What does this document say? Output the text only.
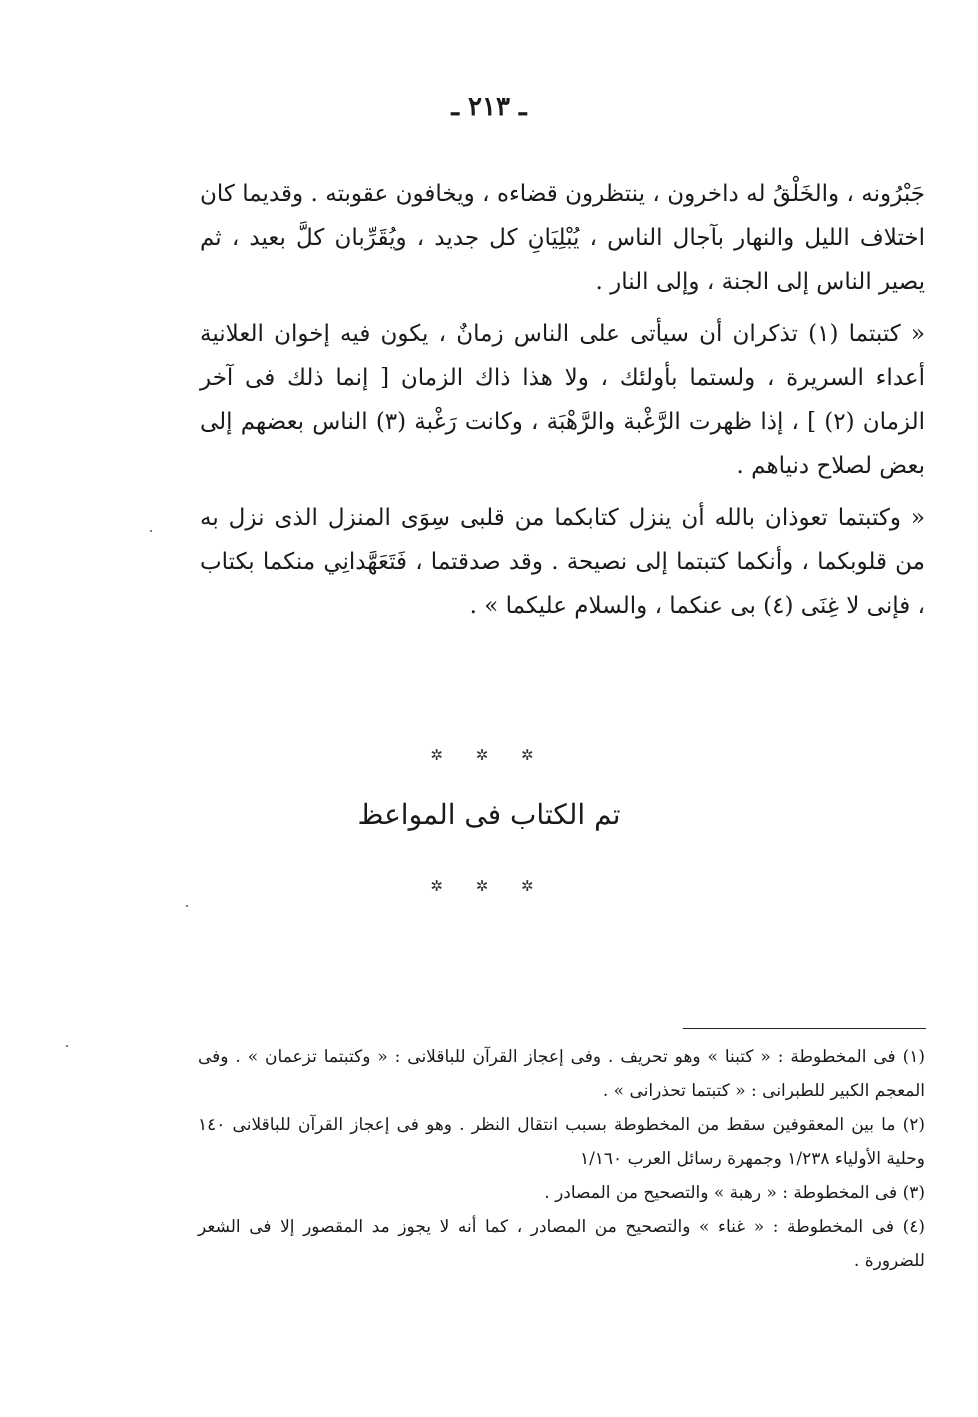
ـ ٢١٣ ـ

جَبْرُونه ، والخَلْقُ له داخرون ، ينتظرون قضاءه ، ويخافون عقوبته . وقديما كان اختلاف الليل والنهار بآجال الناس ، يُبْلِيَانِ كل جديد ، ويُقَرِّبان كلَّ بعيد ، ثم يصير الناس إلى الجنة ، وإلى النار .

« كتبتما (١) تذكران أن سيأتى على الناس زمانٌ ، يكون فيه إخوان العلانية أعداء السريرة ، ولستما بأولئك ، ولا هذا ذاك الزمان [ إنما ذلك فى آخر الزمان (٢) ] ، إذا ظهرت الرَّغْبة والرَّهْبَة ، وكانت رَغْبة (٣) الناس بعضهم إلى بعض لصلاح دنياهم .

« وكتبتما تعوذان بالله أن ينزل كتابكما من قلبى سِوَى المنزل الذى نزل به من قلوبكما ، وأنكما كتبتما إلى نصيحة . وقد صدقتما ، فَتَعَهَّدانِي منكما بكتاب ، فإنى لا غِنَى (٤) بى عنكما ، والسلام عليكما » .

✲ ✲ ✲
تم الكتاب فى المواعظ
✲ ✲ ✲

(١) فى المخطوطة : « كتبنا » وهو تحريف . وفى إعجاز القرآن للباقلانى : « وكتبتما تزعمان » . وفى المعجم الكبير للطبرانى : « كتبتما تحذرانى » .

(٢) ما بين المعقوفين سقط من المخطوطة بسبب انتقال النظر . وهو فى إعجاز القرآن للباقلانى ١٤٠ وحلية الأولياء ١/٢٣٨ وجمهرة رسائل العرب ١/١٦٠

(٣) فى المخطوطة : « رهبة » والتصحيح من المصادر .

(٤) فى المخطوطة : « غناء » والتصحيح من المصادر ، كما أنه لا يجوز مد المقصور إلا فى الشعر للضرورة .
